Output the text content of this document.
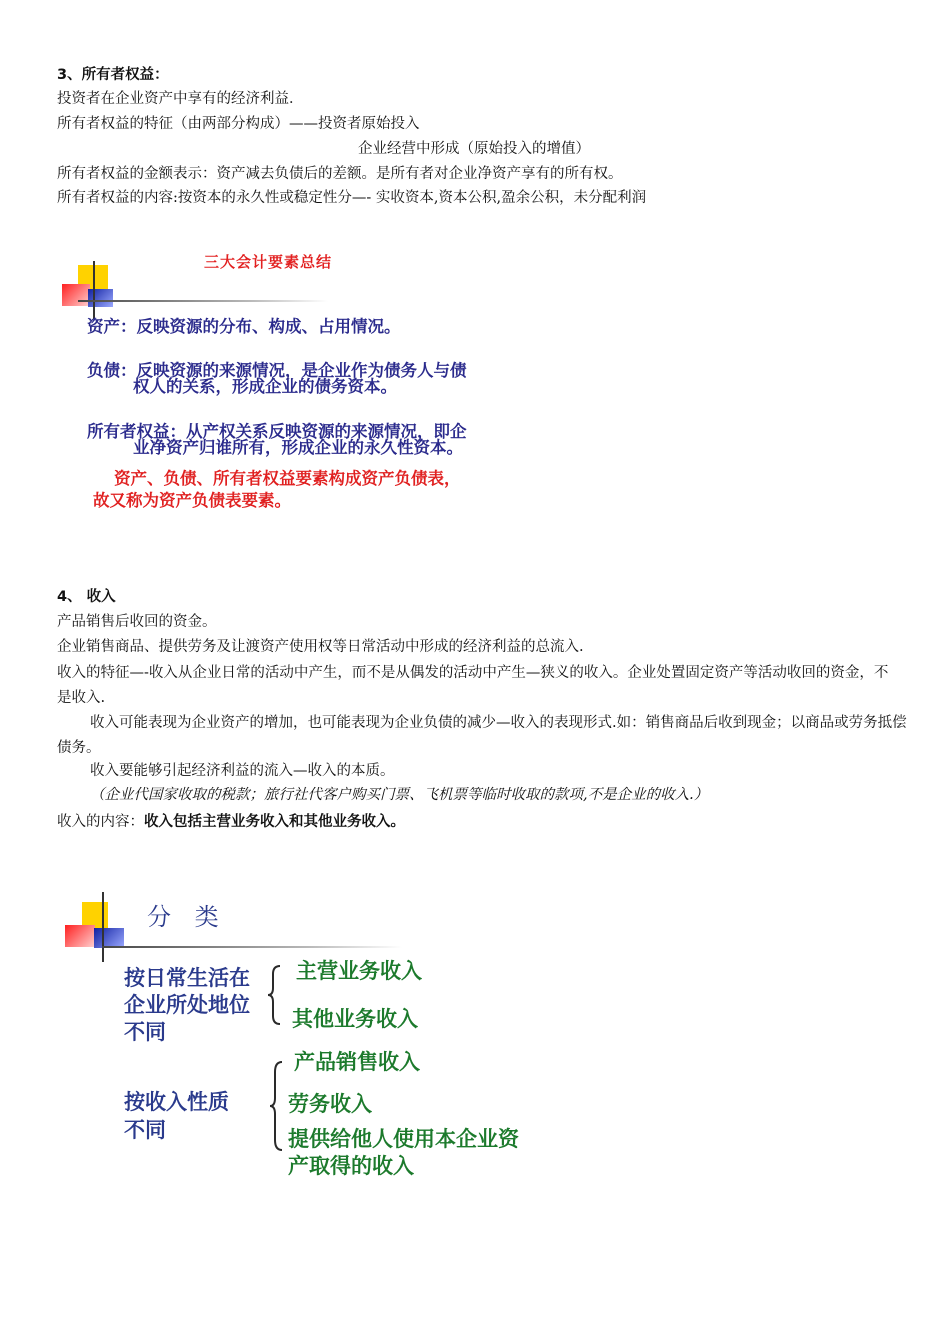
3、所有者权益：
投资者在企业资产中享有的经济利益．
所有者权益的特征（由两部分构成）——投资者原始投入
企业经营中形成（原始投入的增值）
所有者权益的金额表示：资产减去负债后的差额。是所有者对企业净资产享有的所有权。
所有者权益的内容:按资本的永久性或稳定性分—- 实收资本,资本公积,盈余公积，未分配利润
三大会计要素总结
资产：反映资源的分布、构成、占用情况。
负债：反映资源的来源情况，是企业作为债务人与债
权人的关系，形成企业的债务资本。
所有者权益：从产权关系反映资源的来源情况，即企
业净资产归谁所有，形成企业的永久性资本。
资产、负债、所有者权益要素构成资产负债表，
故又称为资产负债表要素。
4、 收入
产品销售后收回的资金。
企业销售商品、提供劳务及让渡资产使用权等日常活动中形成的经济利益的总流入.
收入的特征—-收入从企业日常的活动中产生，而不是从偶发的活动中产生—狭义的收入。企业处置固定资产等活动收回的资金，不是收入.
收入可能表现为企业资产的增加，也可能表现为企业负债的减少—收入的表现形式.如：销售商品后收到现金；以商品或劳务抵偿债务。
收入要能够引起经济利益的流入—收入的本质。
（企业代国家收取的税款；旅行社代客户购买门票、飞机票等临时收取的款项,不是企业的收入.）
收入的内容：收入包括主营业务收入和其他业务收入。
分 类
按日常生活在
企业所处地位
不同
主营业务收入
其他业务收入
按收入性质
不同
产品销售收入
劳务收入
提供给他人使用本企业资
产取得的收入
